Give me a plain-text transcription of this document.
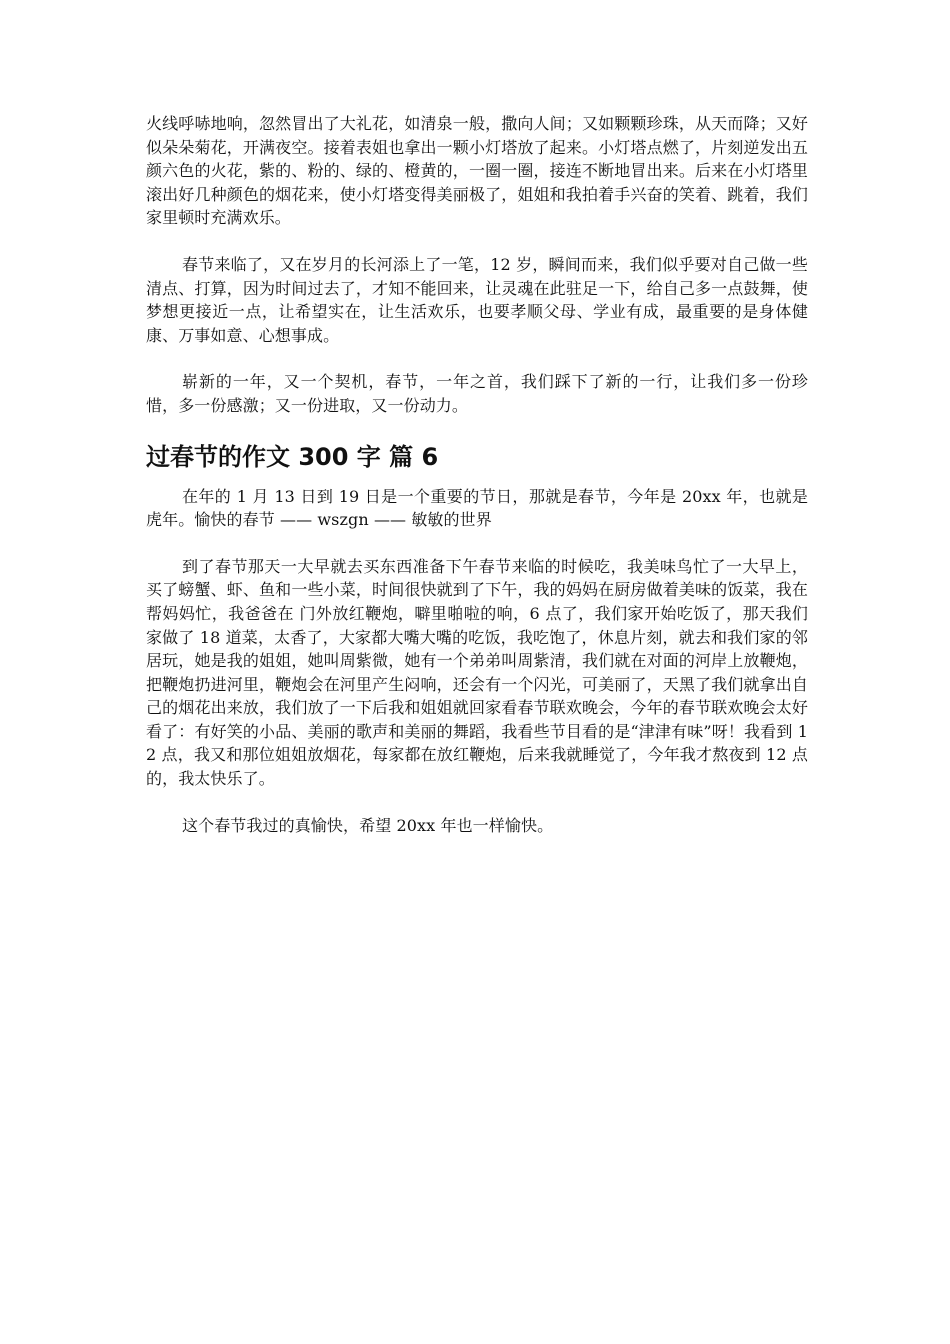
火线呼哧地响，忽然冒出了大礼花，如清泉一般，撒向人间；又如颗颗珍珠，从天而降；又好似朵朵菊花，开满夜空。接着表姐也拿出一颗小灯塔放了起来。小灯塔点燃了，片刻逆发出五颜六色的火花，紫的、粉的、绿的、橙黄的，一圈一圈，接连不断地冒出来。后来在小灯塔里滚出好几种颜色的烟花来，使小灯塔变得美丽极了，姐姐和我拍着手兴奋的笑着、跳着，我们家里顿时充满欢乐。

春节来临了，又在岁月的长河添上了一笔，12 岁，瞬间而来，我们似乎要对自己做一些清点、打算，因为时间过去了，才知不能回来，让灵魂在此驻足一下，给自己多一点鼓舞，使梦想更接近一点，让希望实在，让生活欢乐，也要孝顺父母、学业有成，最重要的是身体健康、万事如意、心想事成。

崭新的一年，又一个契机，春节，一年之首，我们踩下了新的一行，让我们多一份珍惜，多一份感激；又一份进取，又一份动力。

过春节的作文 300 字 篇 6

在年的 1 月 13 日到 19 日是一个重要的节日，那就是春节，今年是 20xx 年，也就是虎年。愉快的春节 —— wszgn —— 敏敏的世界

到了春节那天一大早就去买东西准备下午春节来临的时候吃，我美味鸟忙了一大早上，买了螃蟹、虾、鱼和一些小菜，时间很快就到了下午，我的妈妈在厨房做着美味的饭菜，我在帮妈妈忙，我爸爸在 门外放红鞭炮，噼里啪啦的响，6 点了，我们家开始吃饭了，那天我们家做了 18 道菜，太香了，大家都大嘴大嘴的吃饭，我吃饱了，休息片刻，就去和我们家的邻居玩，她是我的姐姐，她叫周紫微，她有一个弟弟叫周紫清，我们就在对面的河岸上放鞭炮，把鞭炮扔进河里，鞭炮会在河里产生闷响，还会有一个闪光，可美丽了，天黑了我们就拿出自己的烟花出来放，我们放了一下后我和姐姐就回家看春节联欢晚会，今年的春节联欢晚会太好看了：有好笑的小品、美丽的歌声和美丽的舞蹈，我看些节目看的是“津津有味”呀！我看到 12 点，我又和那位姐姐放烟花，每家都在放红鞭炮，后来我就睡觉了，今年我才熬夜到 12 点的，我太快乐了。

这个春节我过的真愉快，希望 20xx 年也一样愉快。
